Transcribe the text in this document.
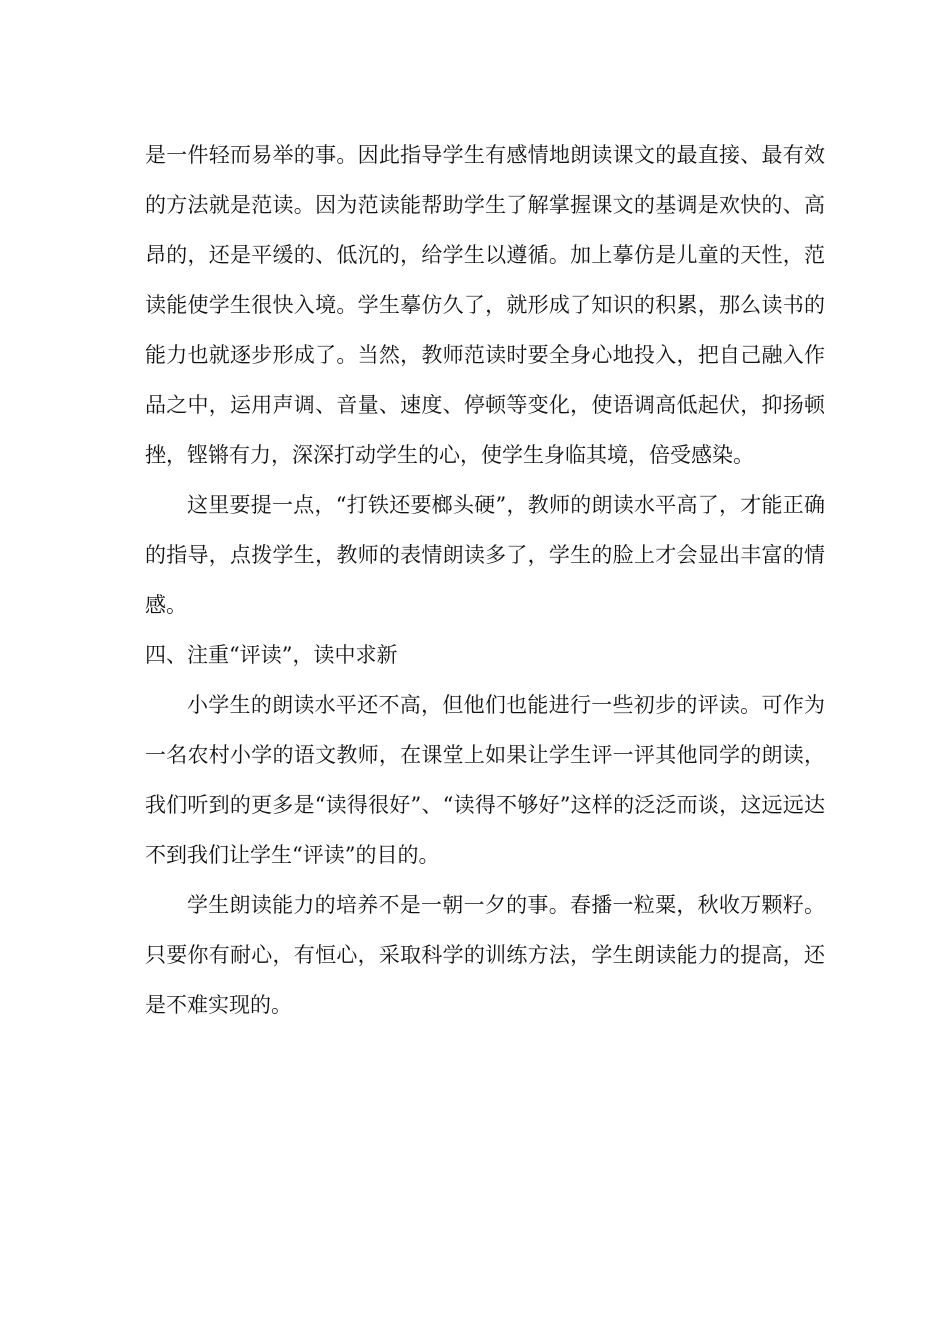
是一件轻而易举的事。因此指导学生有感情地朗读课文的最直接、最有效的方法就是范读。因为范读能帮助学生了解掌握课文的基调是欢快的、高昂的，还是平缓的、低沉的，给学生以遵循。加上摹仿是儿童的天性，范读能使学生很快入境。学生摹仿久了，就形成了知识的积累，那么读书的能力也就逐步形成了。当然，教师范读时要全身心地投入，把自己融入作品之中，运用声调、音量、速度、停顿等变化，使语调高低起伏，抑扬顿挫，铿锵有力，深深打动学生的心，使学生身临其境，倍受感染。

这里要提一点，“打铁还要榔头硬”，教师的朗读水平高了，才能正确的指导，点拨学生，教师的表情朗读多了，学生的脸上才会显出丰富的情感。

四、注重“评读”，读中求新

小学生的朗读水平还不高，但他们也能进行一些初步的评读。可作为一名农村小学的语文教师，在课堂上如果让学生评一评其他同学的朗读，我们听到的更多是“读得很好”、“读得不够好”这样的泛泛而谈，这远远达不到我们让学生“评读”的目的。

学生朗读能力的培养不是一朝一夕的事。春播一粒粟，秋收万颗籽。只要你有耐心，有恒心，采取科学的训练方法，学生朗读能力的提高，还是不难实现的。
